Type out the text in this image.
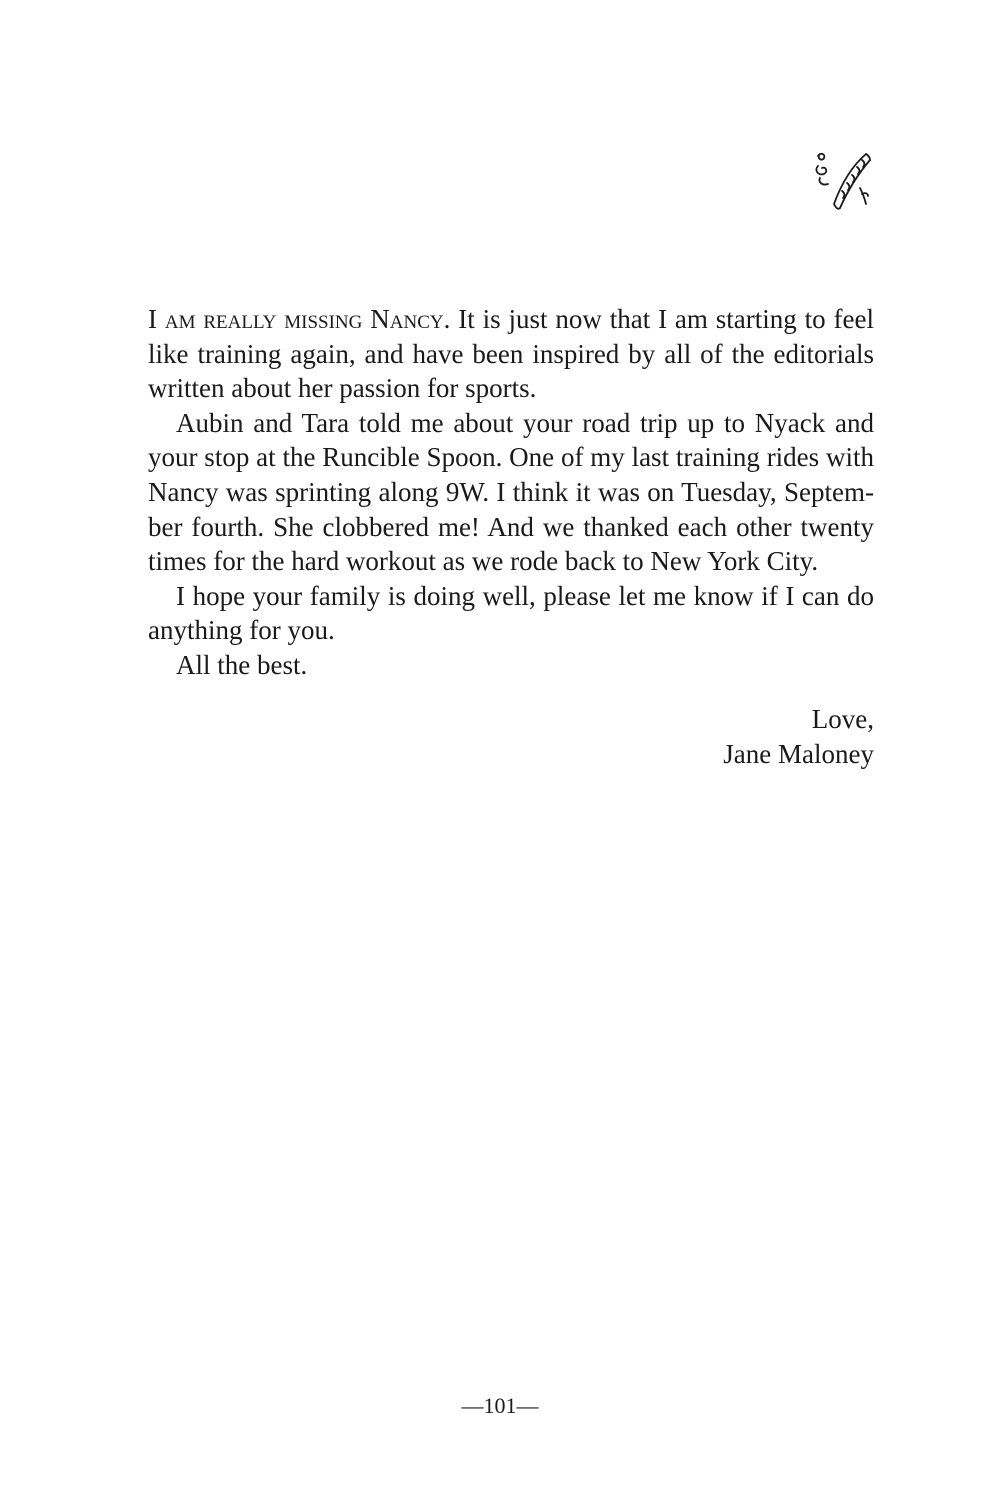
I am really missing Nancy. It is just now that I am starting to feel like training again, and have been inspired by all of the editorials written about her passion for sports.

Aubin and Tara told me about your road trip up to Nyack and your stop at the Runcible Spoon. One of my last training rides with Nancy was sprinting along 9W. I think it was on Tuesday, Septem-ber fourth. She clobbered me! And we thanked each other twenty times for the hard workout as we rode back to New York City.

I hope your family is doing well, please let me know if I can do anything for you.

All the best.

Love,
Jane Maloney
—101—
